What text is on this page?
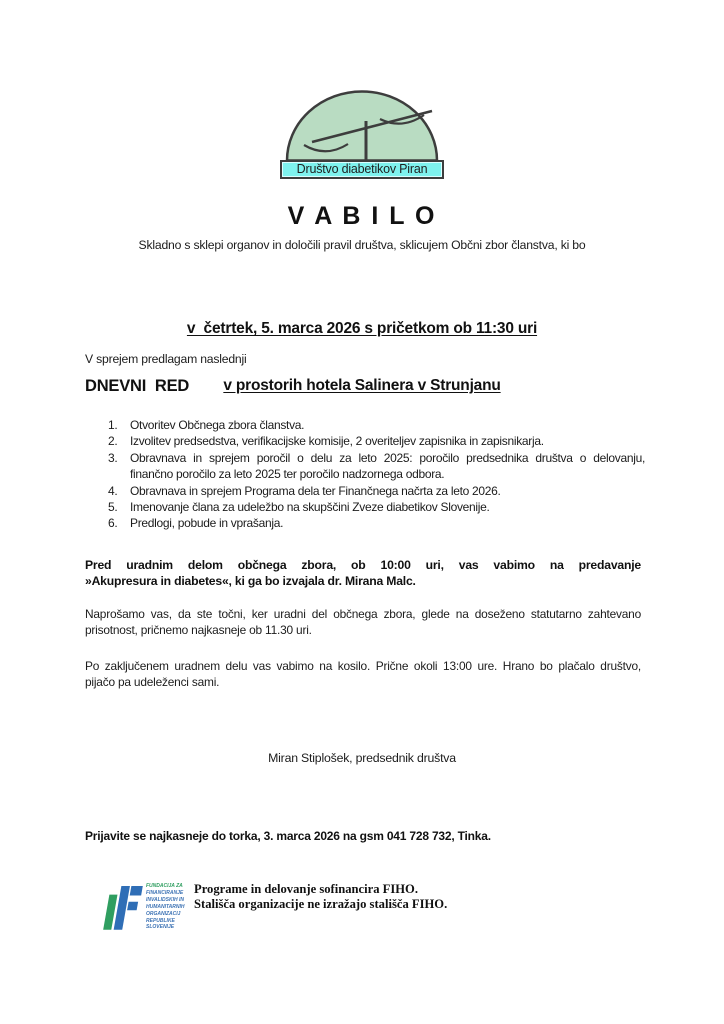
Društvo diabetikov Piran
V A B I L O
Skladno s sklepi organov in določili pravil društva, sklicujem Občni zbor članstva, ki bo

v  četrtek, 5. marca 2026 s pričetkom ob 11:30 uri

v prostorih hotela Salinera v Strunjanu

V sprejem predlagam naslednji
DNEVNI  RED
1.	Otvoritev Občnega zbora članstva.
2.	Izvolitev predsedstva, verifikacijske komisije, 2 overiteljev zapisnika in zapisnikarja.
3.	Obravnava in sprejem poročil o delu za leto 2025: poročilo predsednika društva o delovanju,
finančno poročilo za leto 2025 ter poročilo nadzornega odbora.
4.	Obravnava in sprejem Programa dela ter Finančnega načrta za leto 2026.
5.	Imenovanje člana za udeležbo na skupščini Zveze diabetikov Slovenije.
6.	Predlogi, pobude in vprašanja.
Pred uradnim delom občnega zbora, ob 10:00 uri, vas vabimo na predavanje
»Akupresura in diabetes«, ki ga bo izvajala dr. Mirana Malc.
Naprošamo vas, da ste točni, ker uradni del občnega zbora, glede na doseženo statutarno zahtevano
prisotnost, pričnemo najkasneje ob 11.30 uri.
Po zaključenem uradnem delu vas vabimo na kosilo. Prične okoli 13:00 ure. Hrano bo plačalo društvo,
pijačo pa udeleženci sami.
Miran Stiplošek, predsednik društva
Prijavite se najkasneje do torka, 3. marca 2026 na gsm 041 728 732, Tinka.
FUNDACIJA ZA
FINANCIRANJE
INVALIDSKIH IN
HUMANITARNIH
ORGANIZACIJ
REPUBLIKE
SLOVENIJE
Programe in delovanje sofinancira FIHO.
Stališča organizacije ne izražajo stališča FIHO.
